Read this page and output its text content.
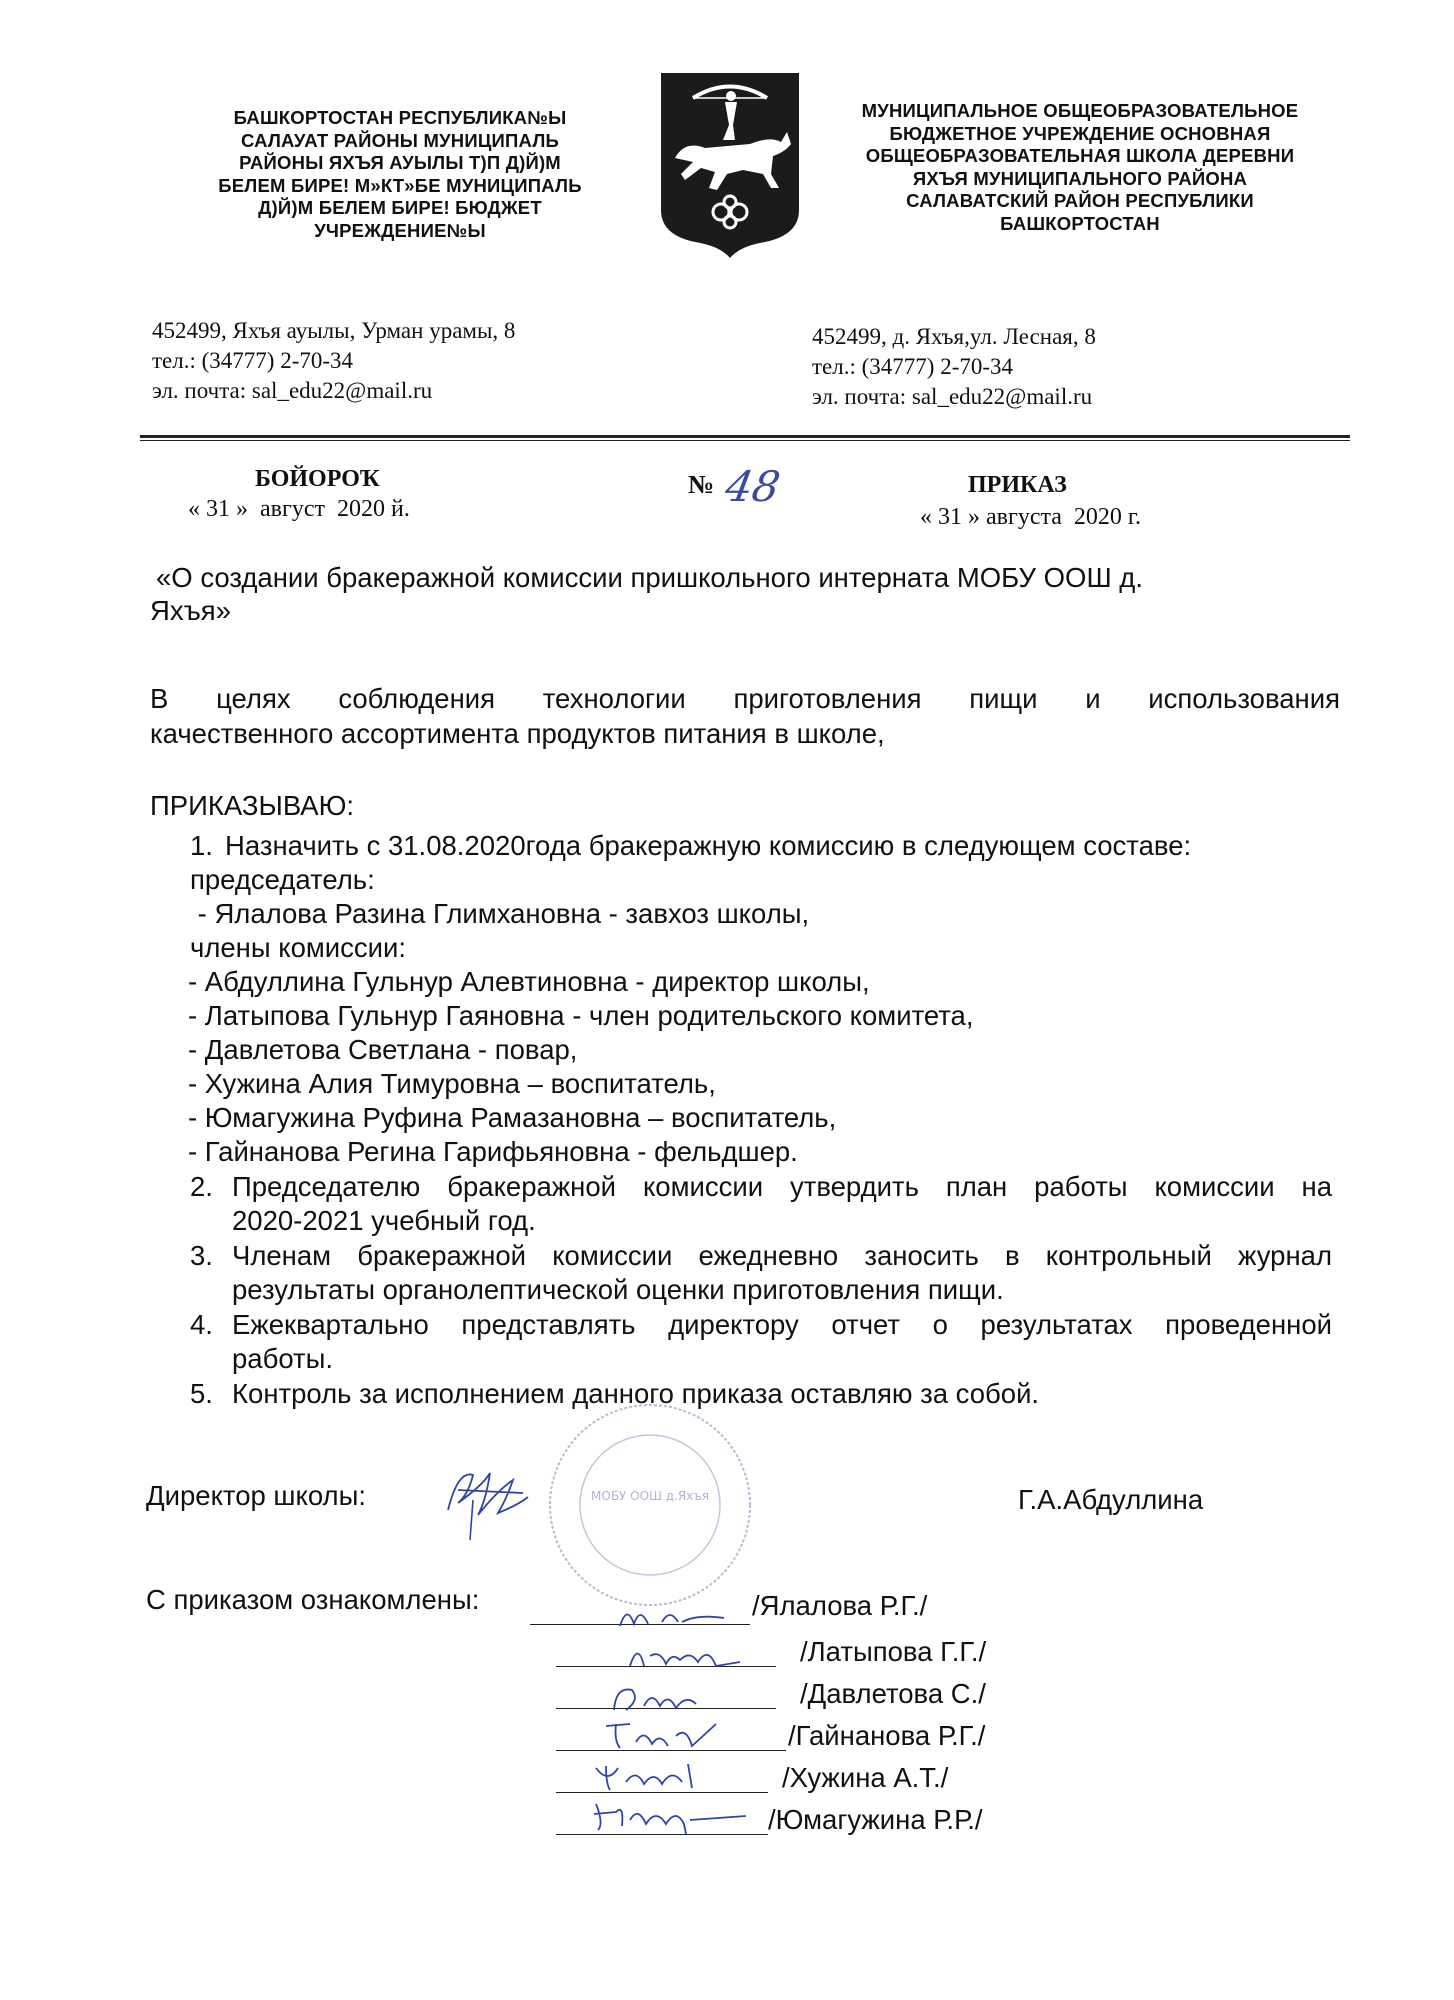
БАШКОРТОСТАН РЕСПУБЛИКА№Ы
САЛАУАТ РАЙОНЫ МУНИЦИПАЛЬ
РАЙОНЫ ЯХЪЯ АУЫЛЫ Т)П Д)Й)М
БЕЛЕМ БИРЕ! М»КТ»БЕ МУНИЦИПАЛЬ
Д)Й)М БЕЛЕМ БИРЕ! БЮДЖЕТ
УЧРЕЖДЕНИЕ№Ы
МУНИЦИПАЛЬНОЕ ОБЩЕОБРАЗОВАТЕЛЬНОЕ
БЮДЖЕТНОЕ УЧРЕЖДЕНИЕ ОСНОВНАЯ
ОБЩЕОБРАЗОВАТЕЛЬНАЯ ШКОЛА ДЕРЕВНИ
ЯХЪЯ МУНИЦИПАЛЬНОГО РАЙОНА
САЛАВАТСКИЙ РАЙОН РЕСПУБЛИКИ
БАШКОРТОСТАН
452499, Яхъя ауылы, Урман урамы, 8
тел.: (34777) 2-70-34
эл. почта: sal_edu22@mail.ru
452499, д. Яхъя,ул. Лесная, 8
тел.: (34777) 2-70-34
эл. почта: sal_edu22@mail.ru
БОЙОРОҠ
« 31 »  август  2020 й.
№ 48	ПРИКАЗ
« 31 » августа  2020 г.
«О создании бракеражной комиссии пришкольного интерната МОБУ ООШ д.
Яхъя»
В целях соблюдения технологии приготовления пищи и использования
качественного ассортимента продуктов питания в школе,
ПРИКАЗЫВАЮ:
1. Назначить с 31.08.2020года бракеражную комиссию в следующем составе:
председатель:
- Ялалова Разина Глимхановна - завхоз школы,
члены комиссии:
- Абдуллина Гульнур Алевтиновна - директор школы,
- Латыпова Гульнур Гаяновна - член родительского комитета,
- Давлетова Светлана - повар,
- Хужина Алия Тимуровна – воспитатель,
- Юмагужина Руфина Рамазановна – воспитатель,
- Гайнанова Регина Гарифьяновна - фельдшер.
2. Председателю бракеражной комиссии утвердить план работы комиссии на
2020-2021 учебный год.
3. Членам бракеражной комиссии ежедневно заносить в контрольный журнал
результаты органолептической оценки приготовления пищи.
4. Ежеквартально представлять директору отчет о результатах проведенной
работы.
5. Контроль за исполнением данного приказа оставляю за собой.
Директор школы:	МОБУ ООШ д.Яхъя	Г.А.Абдуллина
С приказом ознакомлены:	/Ялалова Р.Г./
/Латыпова Г.Г./
/Давлетова С./
/Гайнанова Р.Г./
/Хужина А.Т./
/Юмагужина Р.Р./
